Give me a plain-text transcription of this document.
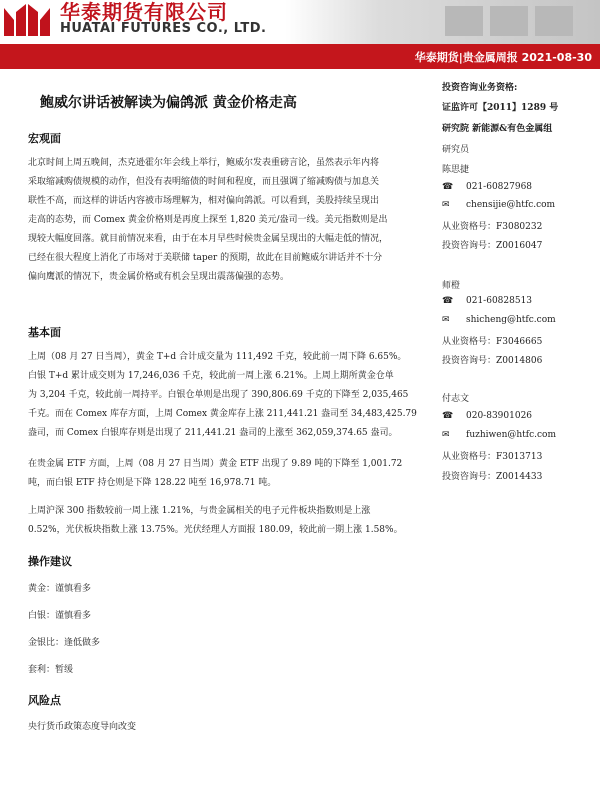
华泰期货有限公司
HUATAI FUTURES CO., LTD.
华泰期货|贵金属周报 2021-08-30
鲍威尔讲话被解读为偏鸽派 黄金价格走高
宏观面

北京时间上周五晚间，杰克逊霍尔年会线上举行，鲍威尔发表重磅言论，虽然表示年内将

采取缩减购债规模的动作，但没有表明缩债的时间和程度，而且强调了缩减购债与加息关

联性不高，而这样的讲话内容被市场理解为，相对偏向鸽派。可以看到，美股持续呈现出

走高的态势，而 Comex 黄金价格则是再度上探至 1,820 美元/盎司一线。美元指数则是出

现较大幅度回落。就目前情况来看，由于在本月早些时候贵金属呈现出的大幅走低的情况，

已经在很大程度上消化了市场对于美联储 taper 的预期，故此在目前鲍威尔讲话并不十分

偏向鹰派的情况下，贵金属价格或有机会呈现出震荡偏强的态势。

基本面

上周（08 月 27 日当周），黄金 T+d 合计成交量为 111,492 千克，较此前一周下降 6.65%。

白银 T+d 累计成交则为 17,246,036 千克，较此前一周上涨 6.21%。上周上期所黄金仓单

为 3,204 千克，较此前一周持平。白银仓单则是出现了 390,806.69 千克的下降至 2,035,465

千克。而在 Comex 库存方面，上周 Comex 黄金库存上涨 211,441.21 盎司至 34,483,425.79

盎司，而 Comex 白银库存则是出现了 211,441.21 盎司的上涨至 362,059,374.65 盎司。

在贵金属 ETF 方面，上周（08 月 27 日当周）黄金 ETF 出现了 9.89 吨的下降至 1,001.72

吨，而白银 ETF 持仓则是下降 128.22 吨至 16,978.71 吨。

上周沪深 300 指数较前一周上涨 1.21%，与贵金属相关的电子元件板块指数则是上涨

0.52%，光伏板块指数上涨 13.75%。光伏经理人方面报 180.09，较此前一期上涨 1.58%。

操作建议
黄金：谨慎看多
白银：谨慎看多
金银比：逢低做多
套利：暂缓
风险点
央行货币政策态度导向改变
投资咨询业务资格:
证监许可【2011】1289 号
研究院 新能源&有色金属组
研究员
陈思捷
☎ 021-60827968
✉ chensijie@htfc.com
从业资格号：F3080232
投资咨询号：Z0016047
师橙
☎ 021-60828513
✉ shicheng@htfc.com
从业资格号：F3046665
投资咨询号：Z0014806
付志文
☎ 020-83901026
✉ fuzhiwen@htfc.com
从业资格号：F3013713
投资咨询号：Z0014433
